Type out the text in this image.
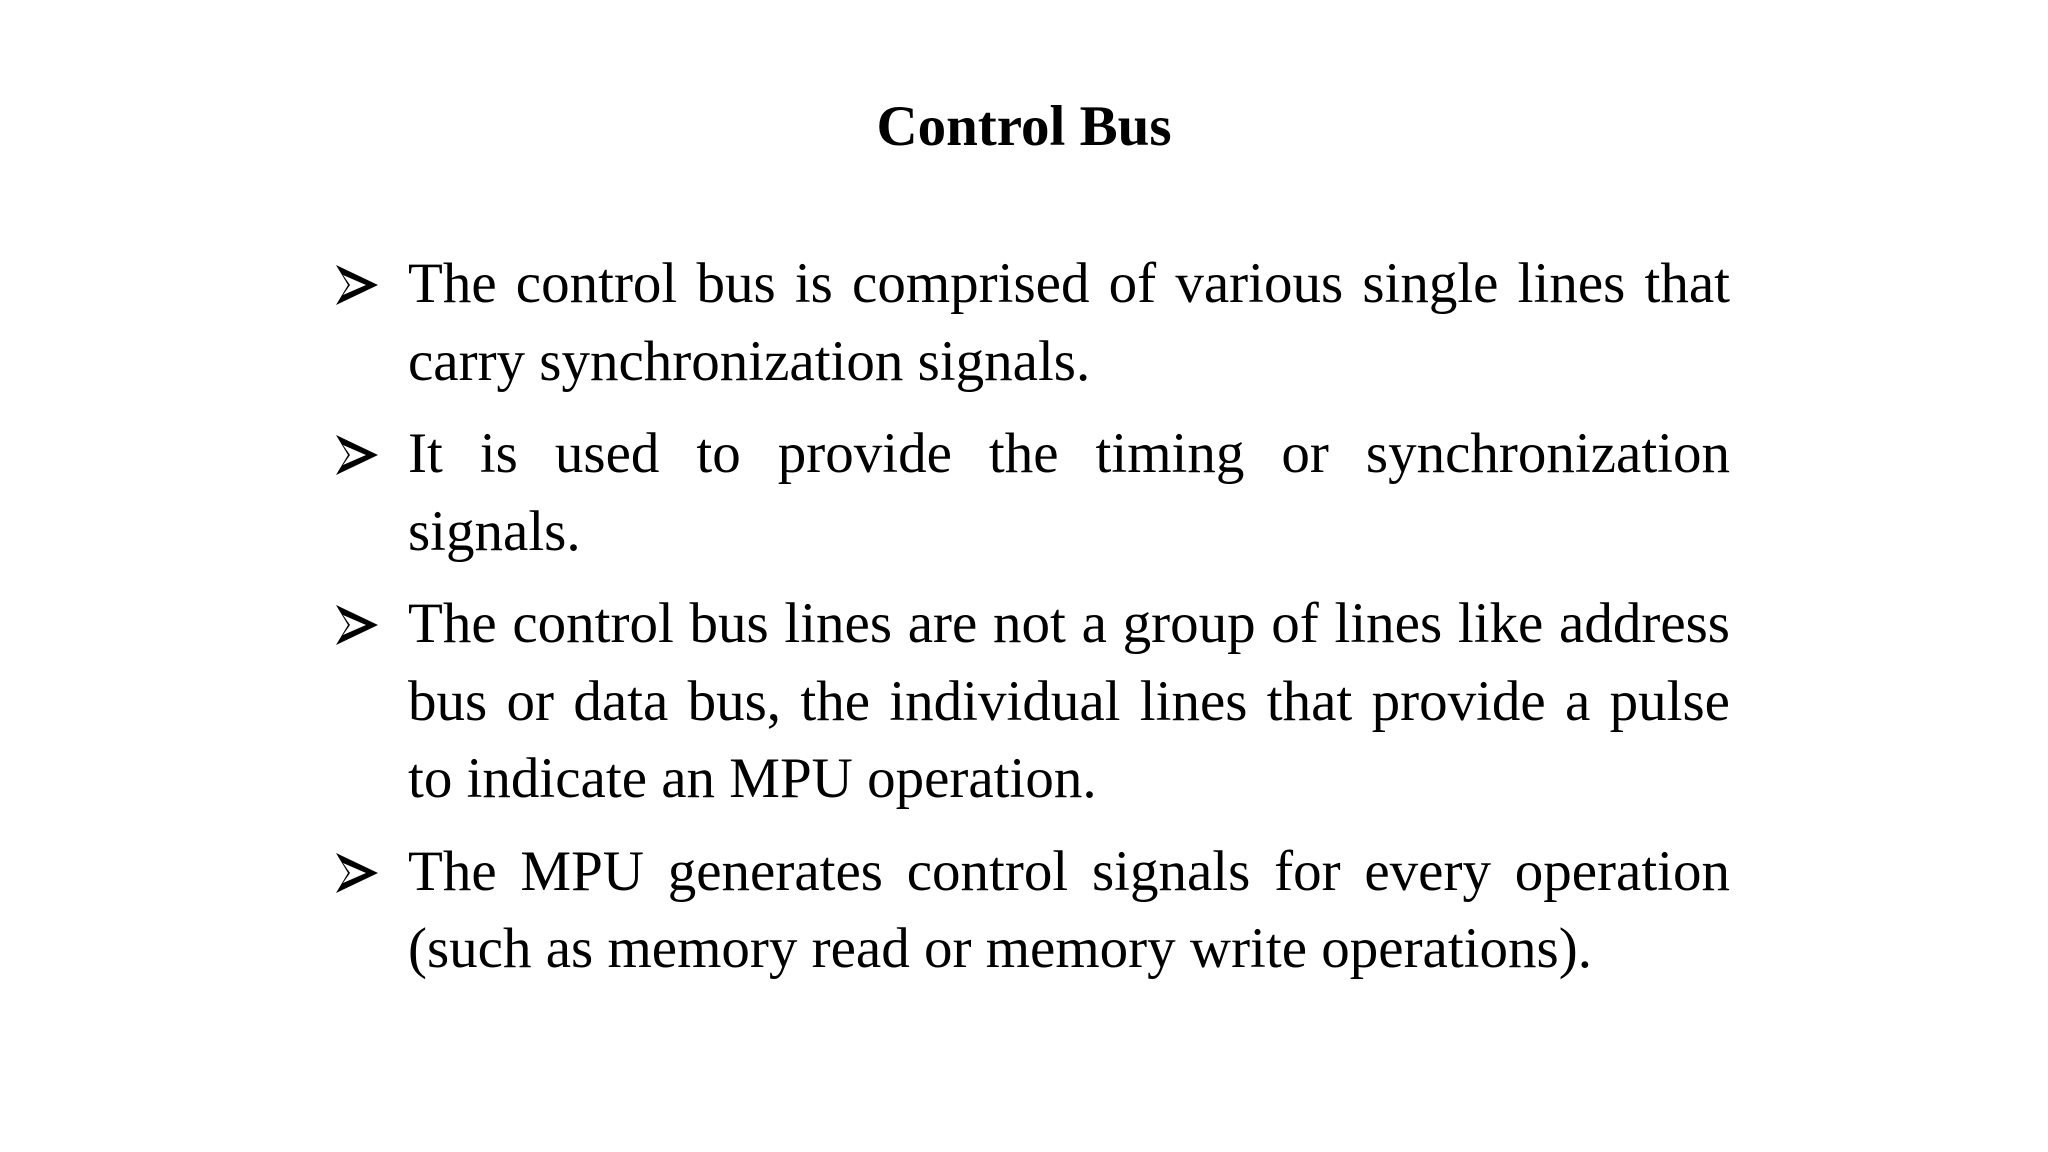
Control Bus
The control bus is comprised of various single lines that carry synchronization signals.
It is used to provide the timing or synchronization signals.
The control bus lines are not a group of lines like address bus or data bus, the individual lines that provide a pulse to indicate an MPU operation.
The MPU generates control signals for every operation (such as memory read or memory write operations).
